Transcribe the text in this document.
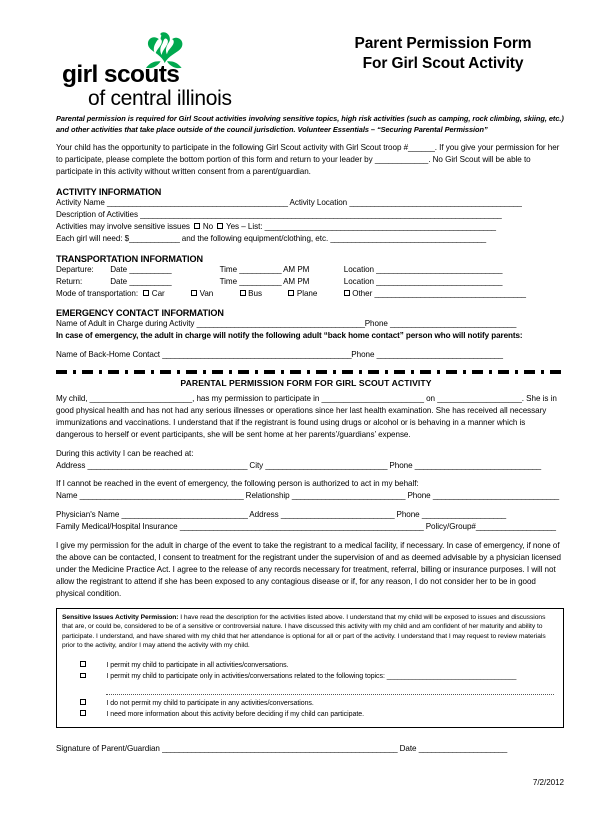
girl scouts
of central illinois
Parent Permission Form
For Girl Scout Activity
Parental permission is required for Girl Scout activities involving sensitive topics, high risk activities (such as camping, rock climbing, skiing, etc.) and other activities that take place outside of the council jurisdiction. Volunteer Essentials – “Securing Parental Permission”
Your child has the opportunity to participate in the following Girl Scout activity with Girl Scout troop #______. If you give your permission for her to participate, please complete the bottom portion of this form and return to your leader by ____________. No Girl Scout will be able to participate in this activity without written consent from a parent/guardian.
ACTIVITY INFORMATION
Activity Name ___________________________________________ Activity Location _________________________________________
Description of Activities ______________________________________________________________________________________
Activities may involve sensitive issues No Yes – List: _______________________________________________________
Each girl will need: $____________ and the following equipment/clothing, etc. _____________________________________
TRANSPORTATION INFORMATION
Departure: Date __________	Time __________ AM PM	Location ______________________________
Return:	Date __________	Time __________ AM PM	Location ______________________________
Mode of transportation: Car	Van	Bus	Plane	Other ____________________________________
EMERGENCY CONTACT INFORMATION
Name of Adult in Charge during Activity ________________________________________Phone ______________________________
In case of emergency, the adult in charge will notify the following adult “back home contact” person who will notify parents:
Name of Back-Home Contact _____________________________________________Phone ______________________________
PARENTAL PERMISSION FORM FOR GIRL SCOUT ACTIVITY
My child, _______________________, has my permission to participate in _______________________ on ___________________. She is in good physical health and has not had any serious illnesses or operations since her last health examination. She has received all necessary immunizations and vaccinations. I understand that if the registrant is found using drugs or alcohol or is behaving in a manner which is dangerous to herself or event participants, she will be sent home at her parents’/guardians’ expense.
During this activity I can be reached at:
Address ______________________________________ City _____________________________ Phone ______________________________
If I cannot be reached in the event of emergency, the following person is authorized to act in my behalf:
Name _______________________________________ Relationship ___________________________ Phone ______________________________
Physician's Name ______________________________ Address ___________________________ Phone ____________________
Family Medical/Hospital Insurance __________________________________________________________ Policy/Group#___________________
I give my permission for the adult in charge of the event to take the registrant to a medical facility, if necessary. In case of emergency, if none of the above can be contacted, I consent to treatment for the registrant under the supervision of and as deemed advisable by a physician licensed under the Medicine Practice Act. I agree to the release of any records necessary for treatment, referral, billing or insurance purposes. I will not allow the registrant to attend if she has been exposed to any contagious disease or if, for any reason, I do not consider her to be in good physical condition.
Sensitive Issues Activity Permission: I have read the description for the activities listed above. I understand that my child will be exposed to issues and discussions that are, or could be, considered to be of a sensitive or controversial nature. I have discussed this activity with my child and am confident of her maturity and ability to participate. I understand, and have shared with my child that her attendance is optional for all or part of the activity. I understand that I may request to review materials prior to the activity, and/or I may attend the activity with my child.
I permit my child to participate in all activities/conversations.
I permit my child to participate only in activities/conversations related to the following topics: ____________________________________
I do not permit my child to participate in any activities/conversations.
I need more information about this activity before deciding if my child can participate.
Signature of Parent/Guardian ________________________________________________________ Date _____________________
7/2/2012
